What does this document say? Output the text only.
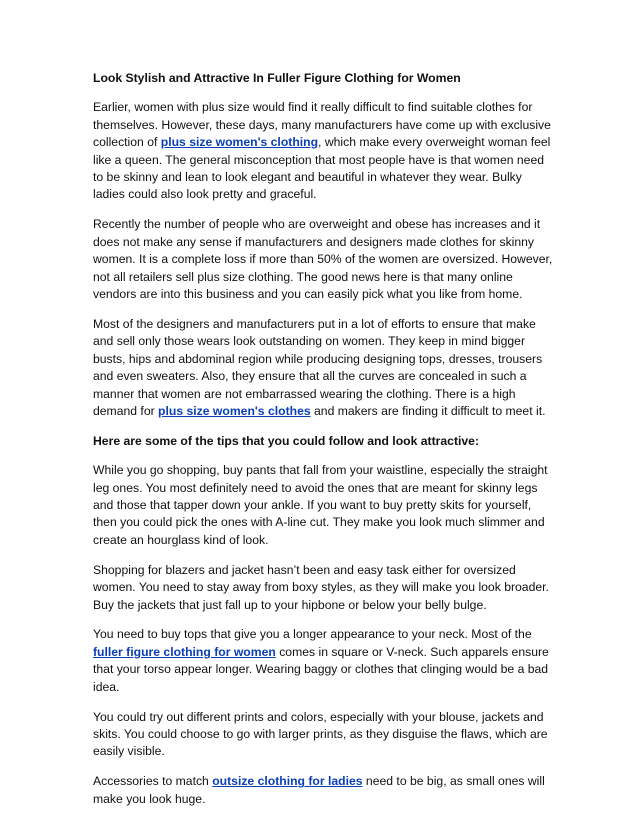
Look Stylish and Attractive In Fuller Figure Clothing for Women

Earlier, women with plus size would find it really difficult to find suitable clothes for themselves. However, these days, many manufacturers have come up with exclusive collection of plus size women's clothing, which make every overweight woman feel like a queen. The general misconception that most people have is that women need to be skinny and lean to look elegant and beautiful in whatever they wear. Bulky ladies could also look pretty and graceful.

Recently the number of people who are overweight and obese has increases and it does not make any sense if manufacturers and designers made clothes for skinny women. It is a complete loss if more than 50% of the women are oversized. However, not all retailers sell plus size clothing. The good news here is that many online vendors are into this business and you can easily pick what you like from home.

Most of the designers and manufacturers put in a lot of efforts to ensure that make and sell only those wears look outstanding on women. They keep in mind bigger busts, hips and abdominal region while producing designing tops, dresses, trousers and even sweaters. Also, they ensure that all the curves are concealed in such a manner that women are not embarrassed wearing the clothing. There is a high demand for plus size women's clothes and makers are finding it difficult to meet it.

Here are some of the tips that you could follow and look attractive:

While you go shopping, buy pants that fall from your waistline, especially the straight leg ones. You most definitely need to avoid the ones that are meant for skinny legs and those that tapper down your ankle. If you want to buy pretty skits for yourself, then you could pick the ones with A-line cut. They make you look much slimmer and create an hourglass kind of look.

Shopping for blazers and jacket hasn’t been and easy task either for oversized women. You need to stay away from boxy styles, as they will make you look broader. Buy the jackets that just fall up to your hipbone or below your belly bulge.

You need to buy tops that give you a longer appearance to your neck. Most of the fuller figure clothing for women comes in square or V-neck. Such apparels ensure that your torso appear longer. Wearing baggy or clothes that clinging would be a bad idea.

You could try out different prints and colors, especially with your blouse, jackets and skits. You could choose to go with larger prints, as they disguise the flaws, which are easily visible.

Accessories to match outsize clothing for ladies need to be big, as small ones will make you look huge.
